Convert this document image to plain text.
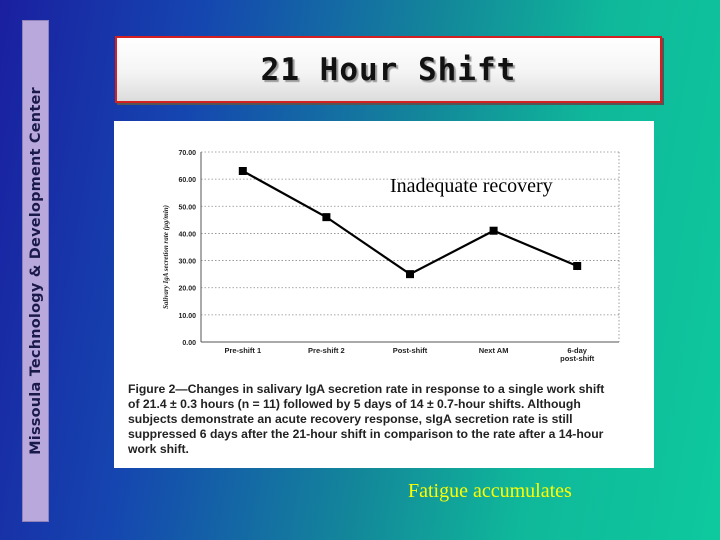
Missoula Technology & Development Center
21 Hour Shift
0.00
10.00
20.00
30.00
40.00
50.00
60.00
70.00
Salivary IgA secretion rate (µg/min)
Pre-shift 1	Pre-shift 2	Post-shift	Next AM	6-day post-shift
Figure 2—Changes in salivary IgA secretion rate in response to a single work shift
of 21.4 ± 0.3 hours (n = 11) followed by 5 days of 14 ± 0.7-hour shifts. Although
subjects demonstrate an acute recovery response, sIgA secretion rate is still
suppressed 6 days after the 21-hour shift in comparison to the rate after a 14-hour
work shift.
Inadequate recovery
Fatigue accumulates
